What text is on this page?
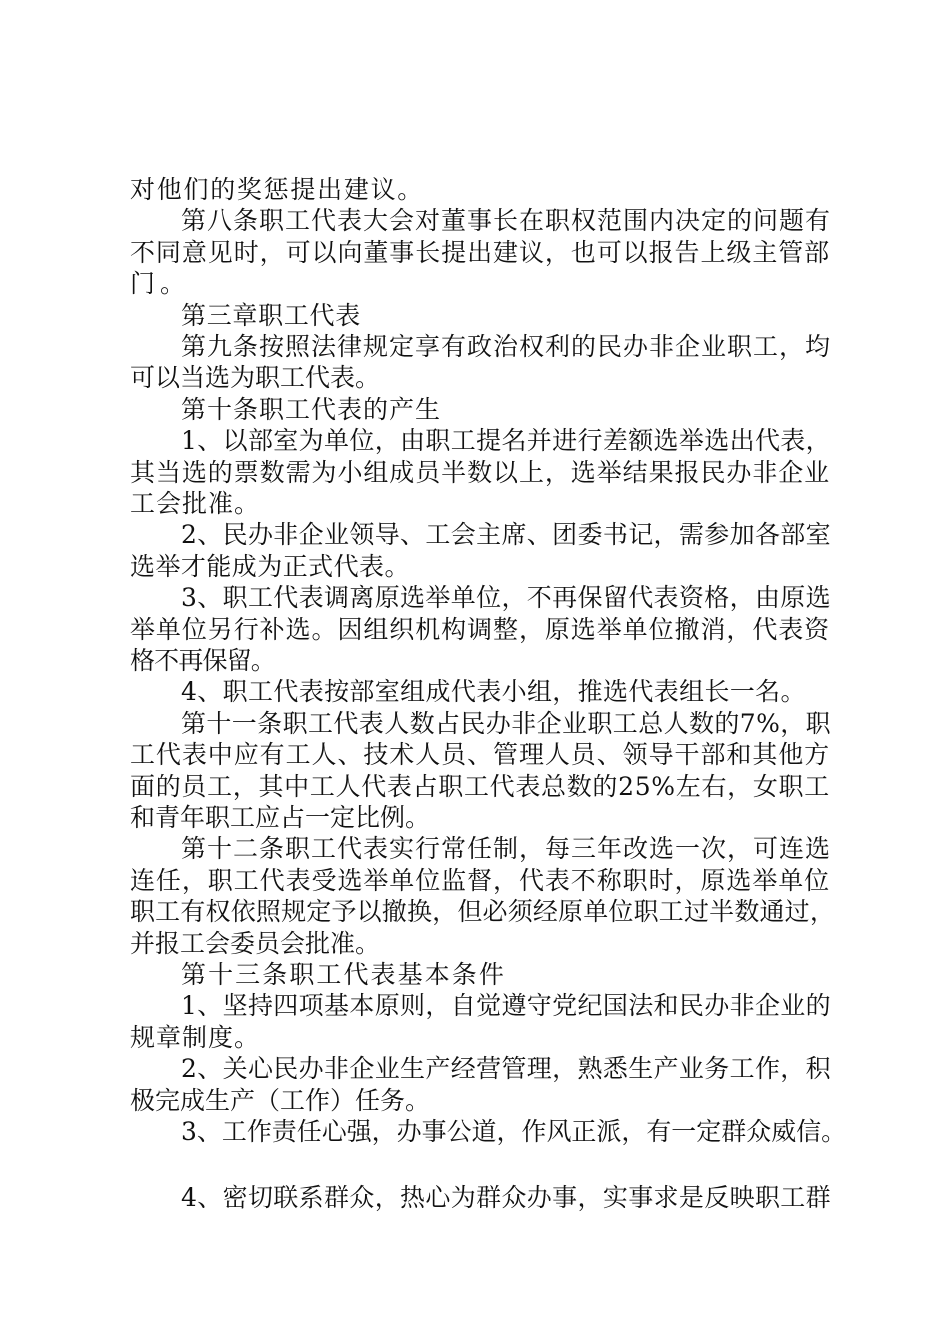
对他们的奖惩提出建议。
第八条职工代表大会对董事长在职权范围内决定的问题有
不同意见时，可以向董事长提出建议，也可以报告上级主管部
门。
第三章职工代表
第九条按照法律规定享有政治权利的民办非企业职工，均
可以当选为职工代表。
第十条职工代表的产生
1、以部室为单位，由职工提名并进行差额选举选出代表，
其当选的票数需为小组成员半数以上，选举结果报民办非企业
工会批准。
2、民办非企业领导、工会主席、团委书记，需参加各部室
选举才能成为正式代表。
3、职工代表调离原选举单位，不再保留代表资格，由原选
举单位另行补选。因组织机构调整，原选举单位撤消，代表资
格不再保留。
4、职工代表按部室组成代表小组，推选代表组长一名。
第十一条职工代表人数占民办非企业职工总人数的7%，职
工代表中应有工人、技术人员、管理人员、领导干部和其他方
面的员工，其中工人代表占职工代表总数的25%左右，女职工
和青年职工应占一定比例。
第十二条职工代表实行常任制，每三年改选一次，可连选
连任，职工代表受选举单位监督，代表不称职时，原选举单位
职工有权依照规定予以撤换，但必须经原单位职工过半数通过，
并报工会委员会批准。
第十三条职工代表基本条件
1、坚持四项基本原则，自觉遵守党纪国法和民办非企业的
规章制度。
2、关心民办非企业生产经营管理，熟悉生产业务工作，积
极完成生产（工作）任务。
3、工作责任心强，办事公道，作风正派，有一定群众威信。
4、密切联系群众，热心为群众办事，实事求是反映职工群
